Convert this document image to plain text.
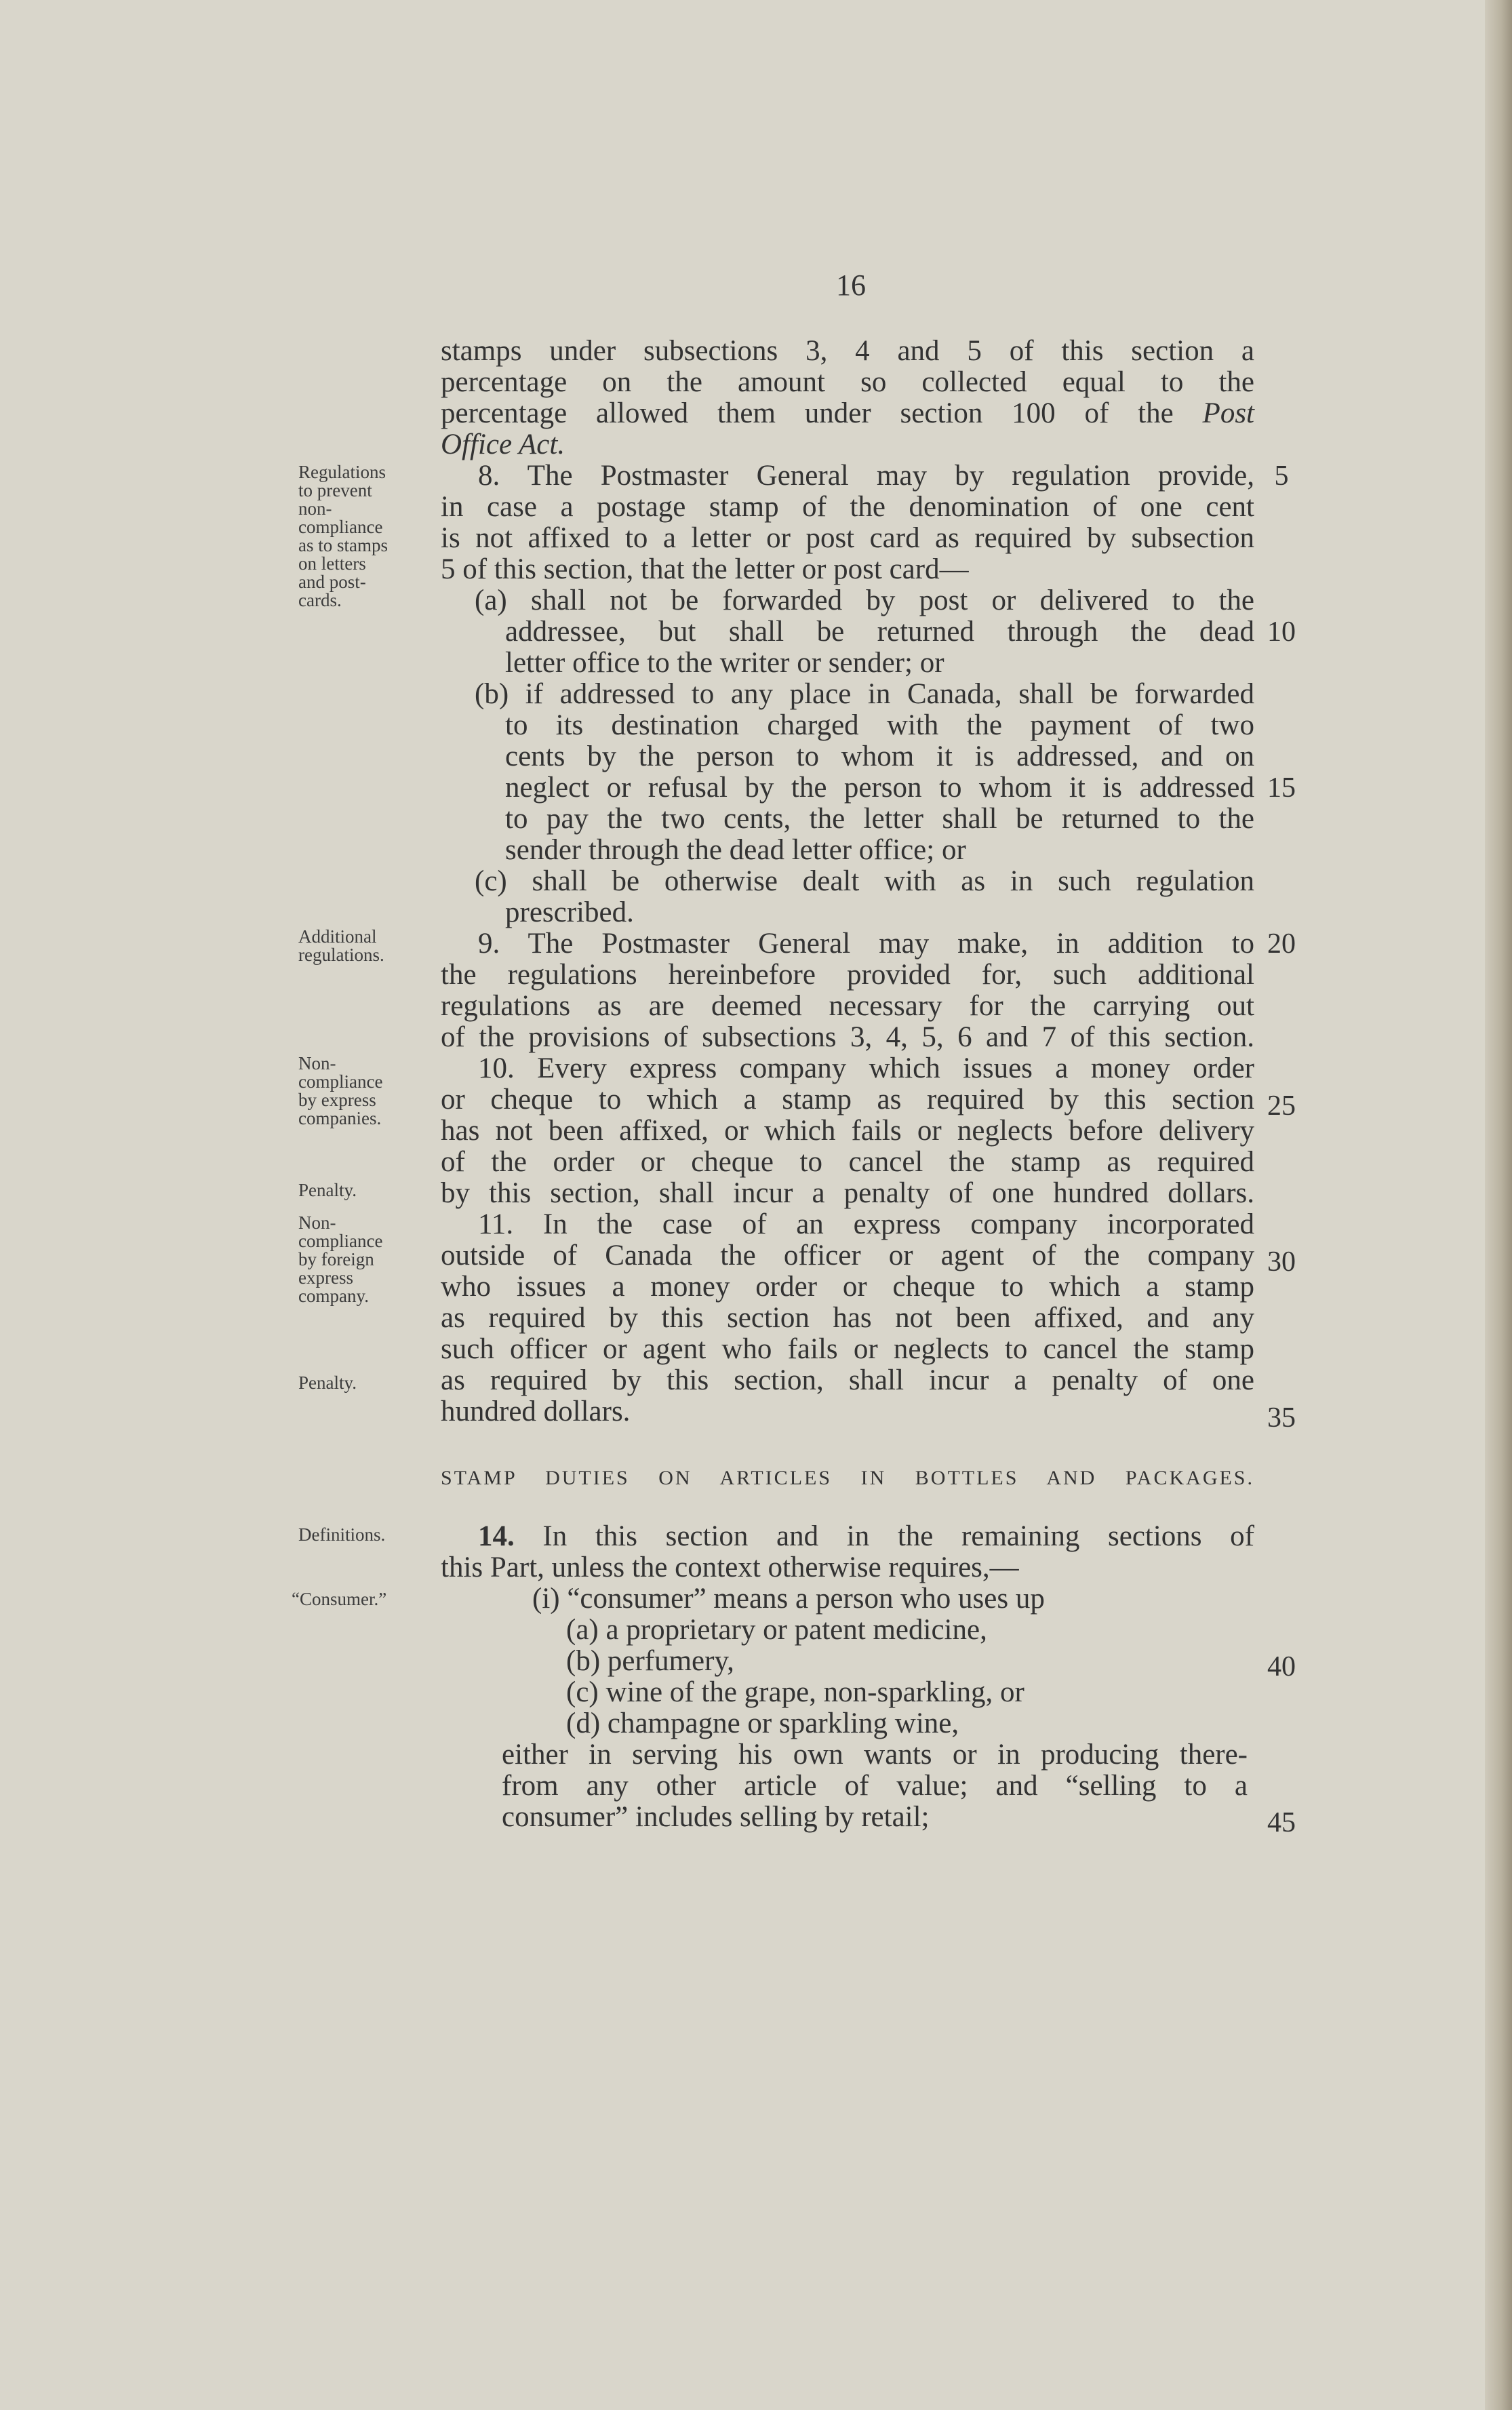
16
stamps under subsections 3, 4 and 5 of this section a
percentage on the amount so collected equal to the
percentage allowed them under section 100 of the Post
Office Act.
8. The Postmaster General may by regulation provide,
in case a postage stamp of the denomination of one cent
is not affixed to a letter or post card as required by subsection
5 of this section, that the letter or post card—
(a) shall not be forwarded by post or delivered to the
addressee, but shall be returned through the dead
letter office to the writer or sender; or
(b) if addressed to any place in Canada, shall be forwarded
to its destination charged with the payment of two
cents by the person to whom it is addressed, and on
neglect or refusal by the person to whom it is addressed
to pay the two cents, the letter shall be returned to the
sender through the dead letter office; or
(c) shall be otherwise dealt with as in such regulation
prescribed.
9. The Postmaster General may make, in addition to
the regulations hereinbefore provided for, such additional
regulations as are deemed necessary for the carrying out
of the provisions of subsections 3, 4, 5, 6 and 7 of this section.
10. Every express company which issues a money order
or cheque to which a stamp as required by this section
has not been affixed, or which fails or neglects before delivery
of the order or cheque to cancel the stamp as required
by this section, shall incur a penalty of one hundred dollars.
11. In the case of an express company incorporated
outside of Canada the officer or agent of the company
who issues a money order or cheque to which a stamp
as required by this section has not been affixed, and any
such officer or agent who fails or neglects to cancel the stamp
as required by this section, shall incur a penalty of one
hundred dollars.
STAMP DUTIES ON ARTICLES IN BOTTLES AND PACKAGES.
14. In this section and in the remaining sections of
this Part, unless the context otherwise requires,—
(i) “consumer” means a person who uses up
(a) a proprietary or patent medicine,
(b) perfumery,
(c) wine of the grape, non-sparkling, or
(d) champagne or sparkling wine,
either in serving his own wants or in producing there-
from any other article of value; and “selling to a
consumer” includes selling by retail;
5
10
15
20
25
30
35
40
45
Regulations
to prevent
non-
compliance
as to stamps
on letters
and post-
cards.
Additional
regulations.
Non-
compliance
by express
companies.
Penalty.
Non-
compliance
by foreign
express
company.
Penalty.
Definitions.
“Consumer.”
